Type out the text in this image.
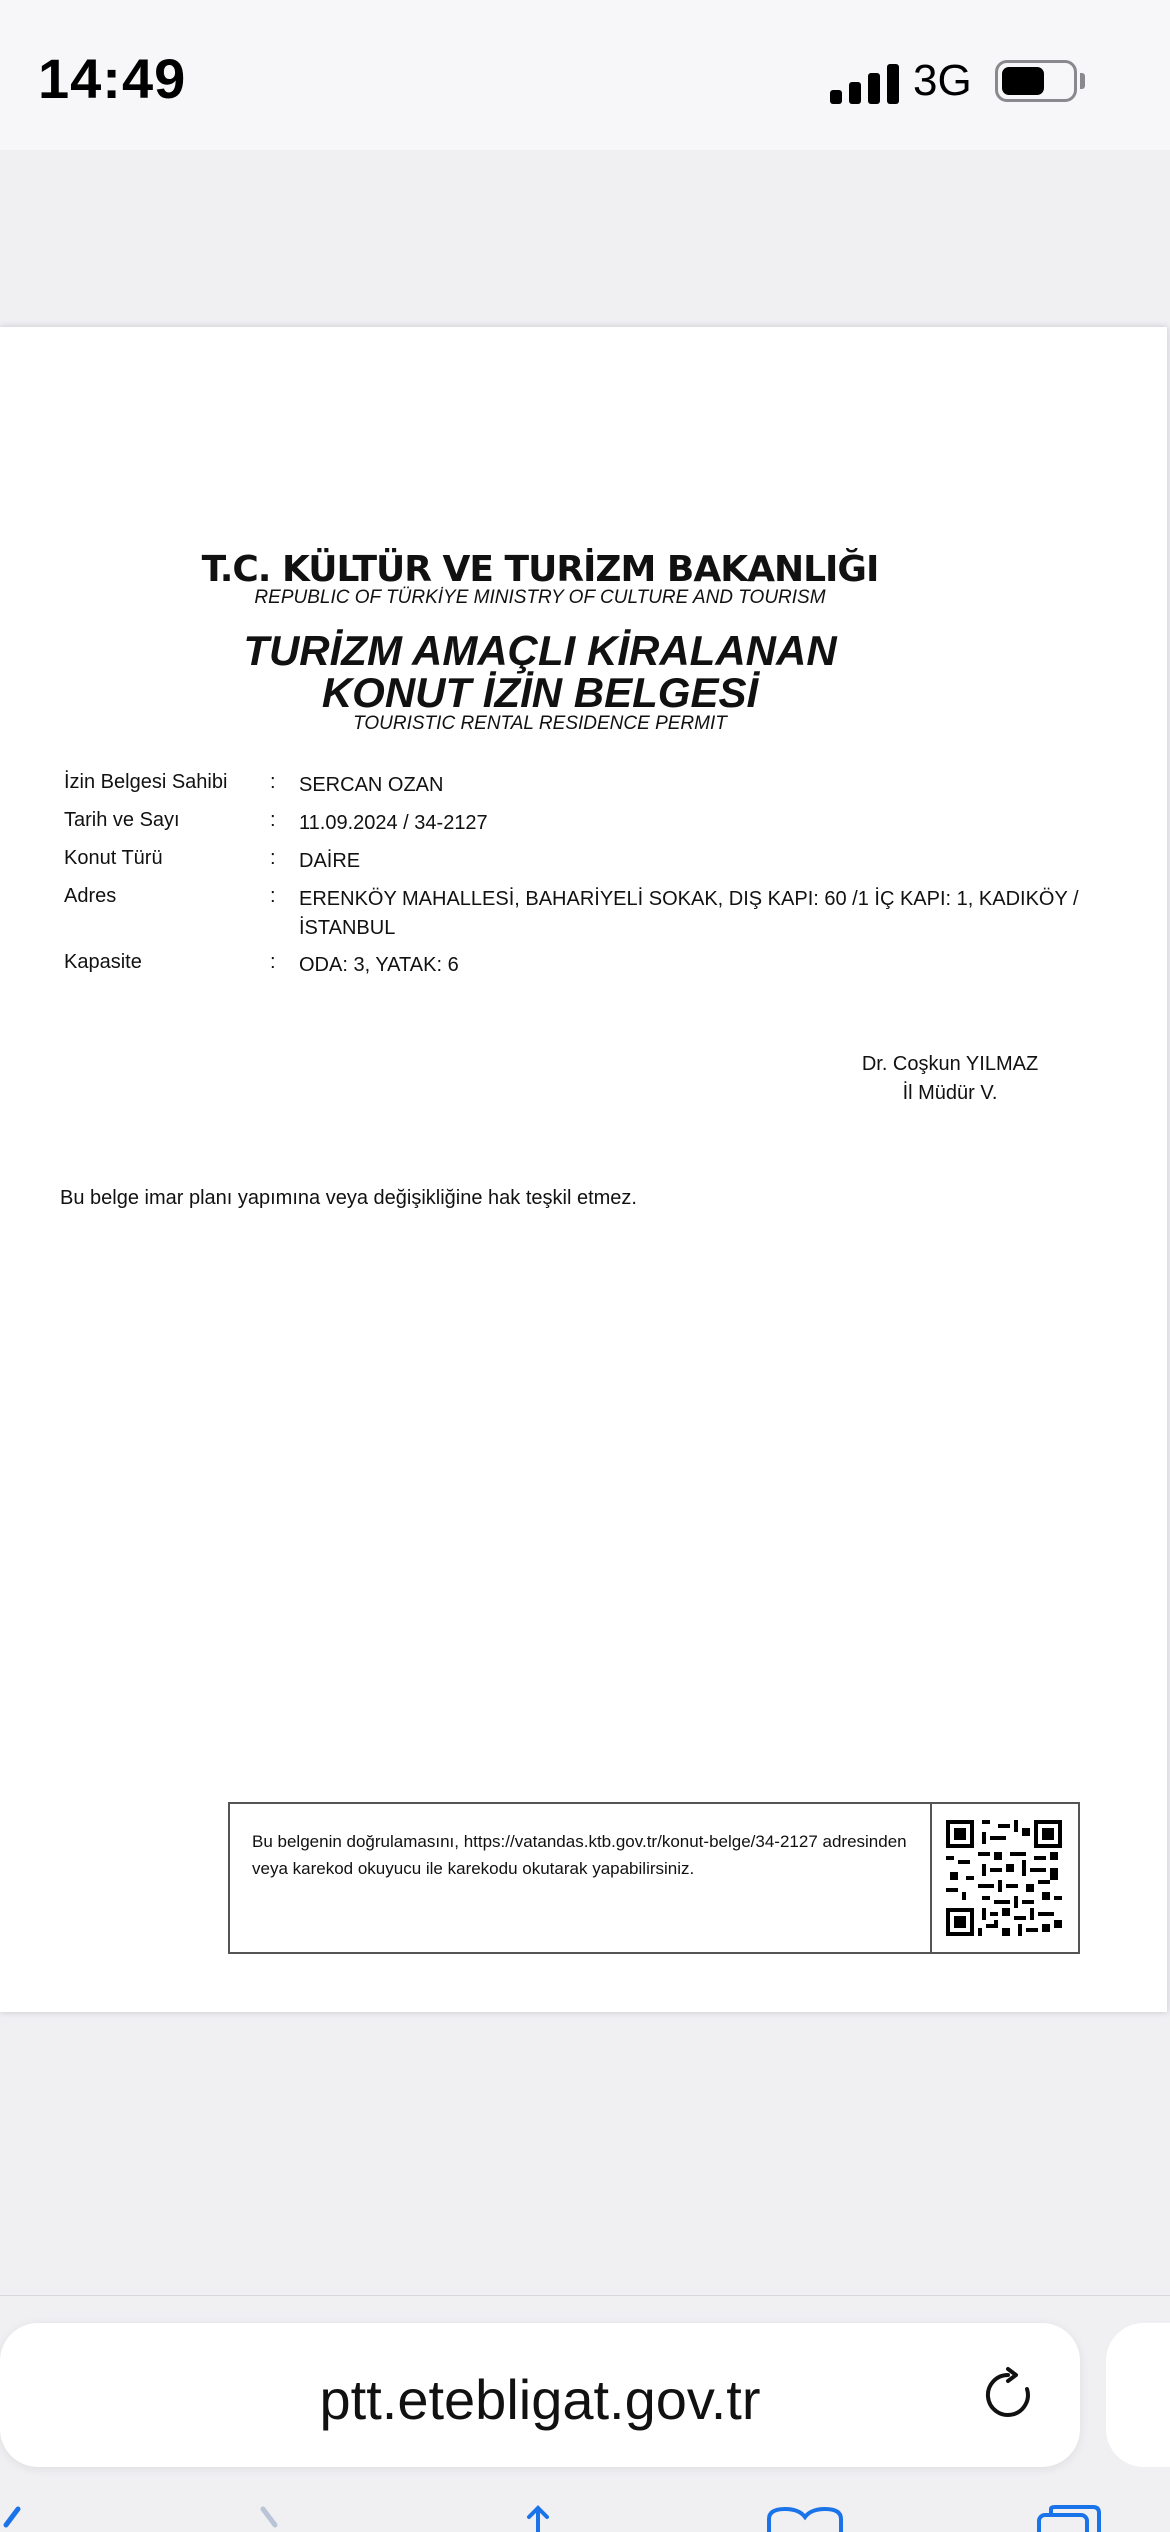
14:49	3G
T.C. KÜLTÜR VE TURİZM BAKANLIĞI
REPUBLIC OF TÜRKİYE MINISTRY OF CULTURE AND TOURISM
TURİZM AMAÇLI KİRALANAN
KONUT İZİN BELGESİ
TOURISTIC RENTAL RESIDENCE PERMIT
İzin Belgesi Sahibi : SERCAN OZAN
Tarih ve Sayı	: 11.09.2024 / 34-2127
Konut Türü	: DAİRE
Adres	: ERENKÖY MAHALLESİ, BAHARİYELİ SOKAK, DIŞ KAPI: 60 /1 İÇ KAPI: 1, KADIKÖY / İSTANBUL
Kapasite	: ODA: 3, YATAK: 6
Dr. Coşkun YILMAZ
İl Müdür V.
Bu belge imar planı yapımına veya değişikliğine hak teşkil etmez.
Bu belgenin doğrulamasını, https://vatandas.ktb.gov.tr/konut-belge/34-2127 adresinden veya karekod okuyucu ile karekodu okutarak yapabilirsiniz.
ptt.etebligat.gov.tr
